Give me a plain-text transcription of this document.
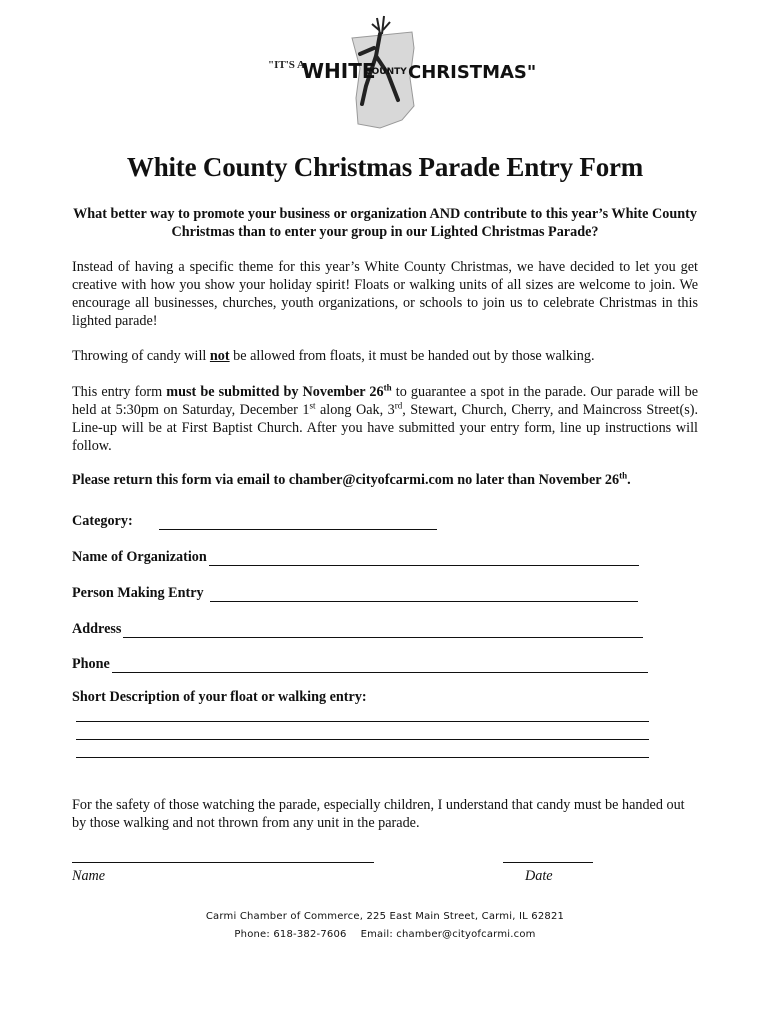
"IT'S A
WHITE
COUNTY CHRISTMAS"
White County Christmas Parade Entry Form
What better way to promote your business or organization AND contribute to this year’s White County Christmas than to enter your group in our Lighted Christmas Parade?
Instead of having a specific theme for this year’s White County Christmas, we have decided to let you get creative with how you show your holiday spirit! Floats or walking units of all sizes are welcome to join. We encourage all businesses, churches, youth organizations, or schools to join us to celebrate Christmas in this lighted parade!
Throwing of candy will not be allowed from floats, it must be handed out by those walking.
This entry form must be submitted by November 26th to guarantee a spot in the parade. Our parade will be held at 5:30pm on Saturday, December 1st along Oak, 3rd, Stewart, Church, Cherry, and Maincross Street(s). Line-up will be at First Baptist Church. After you have submitted your entry form, line up instructions will follow.
Please return this form via email to chamber@cityofcarmi.com no later than November 26th.
Category:
Name of Organization
Person Making Entry
Address
Phone
Short Description of your float or walking entry:
For the safety of those watching the parade, especially children, I understand that candy must be handed out by those walking and not thrown from any unit in the parade.
Name	Date
Carmi Chamber of Commerce, 225 East Main Street, Carmi, IL 62821
Phone: 618-382-7606 Email: chamber@cityofcarmi.com
